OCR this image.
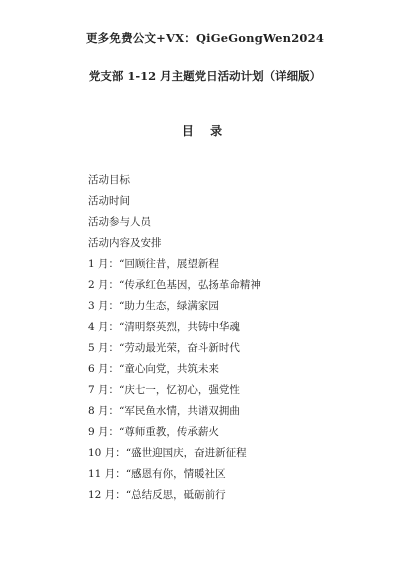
更多免费公文+VX：QiGeGongWen2024
党支部 1-12 月主题党日活动计划（详细版）
目 录
活动目标
活动时间
活动参与人员
活动内容及安排
1 月：“回顾往昔，展望新程
2 月：“传承红色基因，弘扬革命精神
3 月：“助力生态，绿满家园
4 月：“清明祭英烈，共铸中华魂
5 月：“劳动最光荣，奋斗新时代
6 月：“童心向党，共筑未来
7 月：“庆七一，忆初心，强党性
8 月：“军民鱼水情，共谱双拥曲
9 月：“尊师重教，传承薪火
10 月：“盛世迎国庆，奋进新征程
11 月：“感恩有你，情暖社区
12 月：“总结反思，砥砺前行
